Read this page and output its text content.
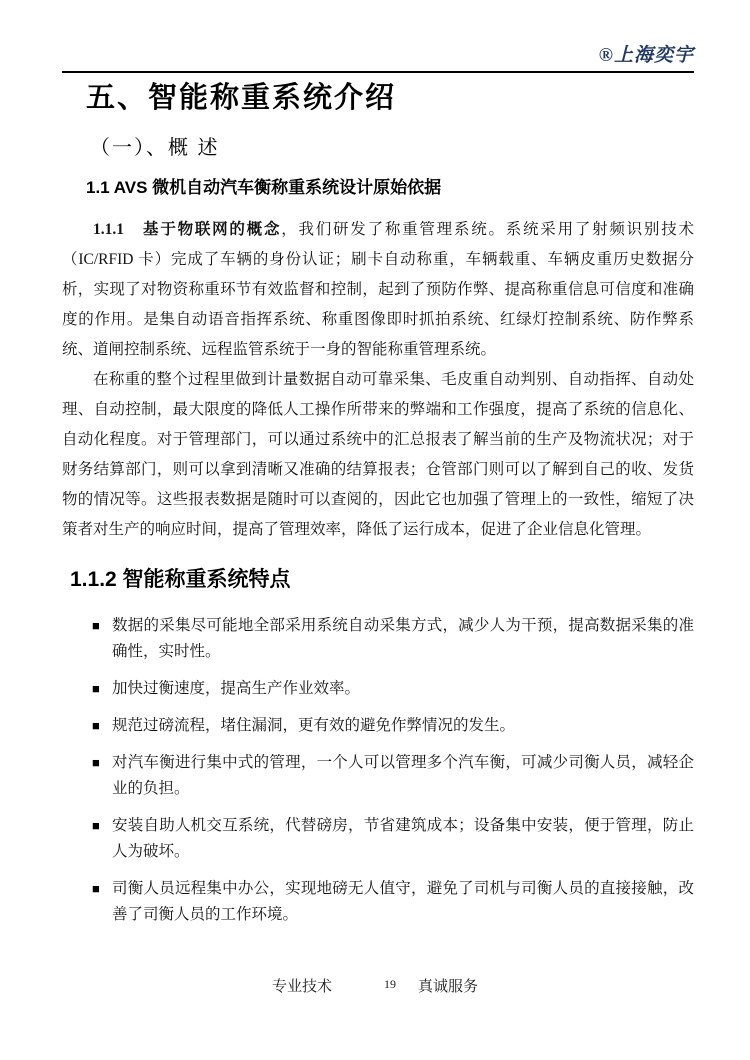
®上海奕宇
五、智能称重系统介绍
（一）、概 述
1.1 AVS 微机自动汽车衡称重系统设计原始依据

1.1.1　基于物联网的概念，我们研发了称重管理系统。系统采用了射频识别技术（IC/RFID 卡）完成了车辆的身份认证；刷卡自动称重，车辆载重、车辆皮重历史数据分析，实现了对物资称重环节有效监督和控制，起到了预防作弊、提高称重信息可信度和准确度的作用。是集自动语音指挥系统、称重图像即时抓拍系统、红绿灯控制系统、防作弊系统、道闸控制系统、远程监管系统于一身的智能称重管理系统。

在称重的整个过程里做到计量数据自动可靠采集、毛皮重自动判别、自动指挥、自动处理、自动控制，最大限度的降低人工操作所带来的弊端和工作强度，提高了系统的信息化、自动化程度。对于管理部门，可以通过系统中的汇总报表了解当前的生产及物流状况；对于财务结算部门，则可以拿到清晰又准确的结算报表；仓管部门则可以了解到自己的收、发货物的情况等。这些报表数据是随时可以查阅的，因此它也加强了管理上的一致性，缩短了决策者对生产的响应时间，提高了管理效率，降低了运行成本，促进了企业信息化管理。

1.1.2 智能称重系统特点
■ 数据的采集尽可能地全部采用系统自动采集方式，减少人为干预，提高数据采集的准确性，实时性。
■ 加快过衡速度，提高生产作业效率。
■ 规范过磅流程，堵住漏洞，更有效的避免作弊情况的发生。
■ 对汽车衡进行集中式的管理，一个人可以管理多个汽车衡，可减少司衡人员，减轻企业的负担。
■ 安装自助人机交互系统，代替磅房，节省建筑成本；设备集中安装，便于管理，防止人为破坏。
■ 司衡人员远程集中办公，实现地磅无人值守，避免了司机与司衡人员的直接接触，改善了司衡人员的工作环境。
专业技术	19 真诚服务
